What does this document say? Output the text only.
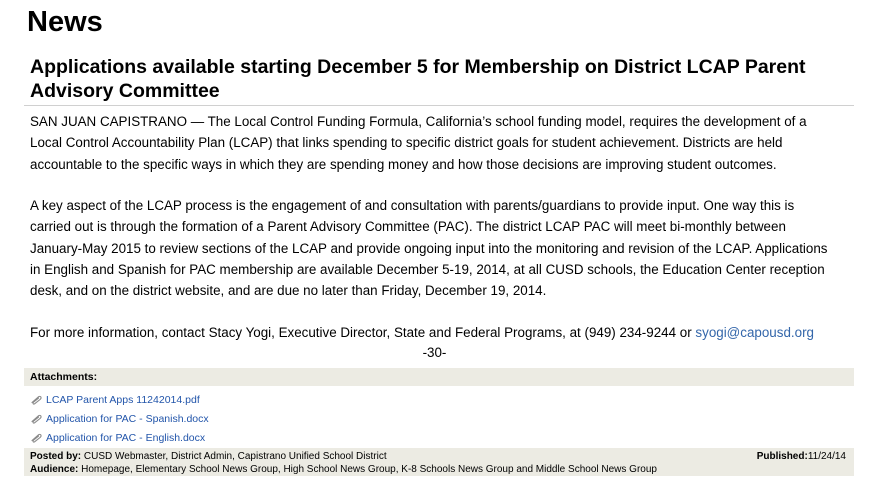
News
Applications available starting December 5 for Membership on District LCAP Parent Advisory Committee

SAN JUAN CAPISTRANO — The Local Control Funding Formula, California’s school funding model, requires the development of a Local Control Accountability Plan (LCAP) that links spending to specific district goals for student achievement. Districts are held accountable to the specific ways in which they are spending money and how those decisions are improving student outcomes.

A key aspect of the LCAP process is the engagement of and consultation with parents/guardians to provide input. One way this is carried out is through the formation of a Parent Advisory Committee (PAC). The district LCAP PAC will meet bi-monthly between January-May 2015 to review sections of the LCAP and provide ongoing input into the monitoring and revision of the LCAP. Applications in English and Spanish for PAC membership are available December 5-19, 2014, at all CUSD schools, the Education Center reception desk, and on the district website, and are due no later than Friday, December 19, 2014.

For more information, contact Stacy Yogi, Executive Director, State and Federal Programs, at (949) 234-9244 or syogi@capousd.org

-30-
Attachments:
LCAP Parent Apps 11242014.pdf
Application for PAC - Spanish.docx
Application for PAC - English.docx
Posted by: CUSD Webmaster, District Admin, Capistrano Unified School District
Audience: Homepage, Elementary School News Group, High School News Group, K-8 Schools News Group and Middle School News Group
Published:11/24/14
